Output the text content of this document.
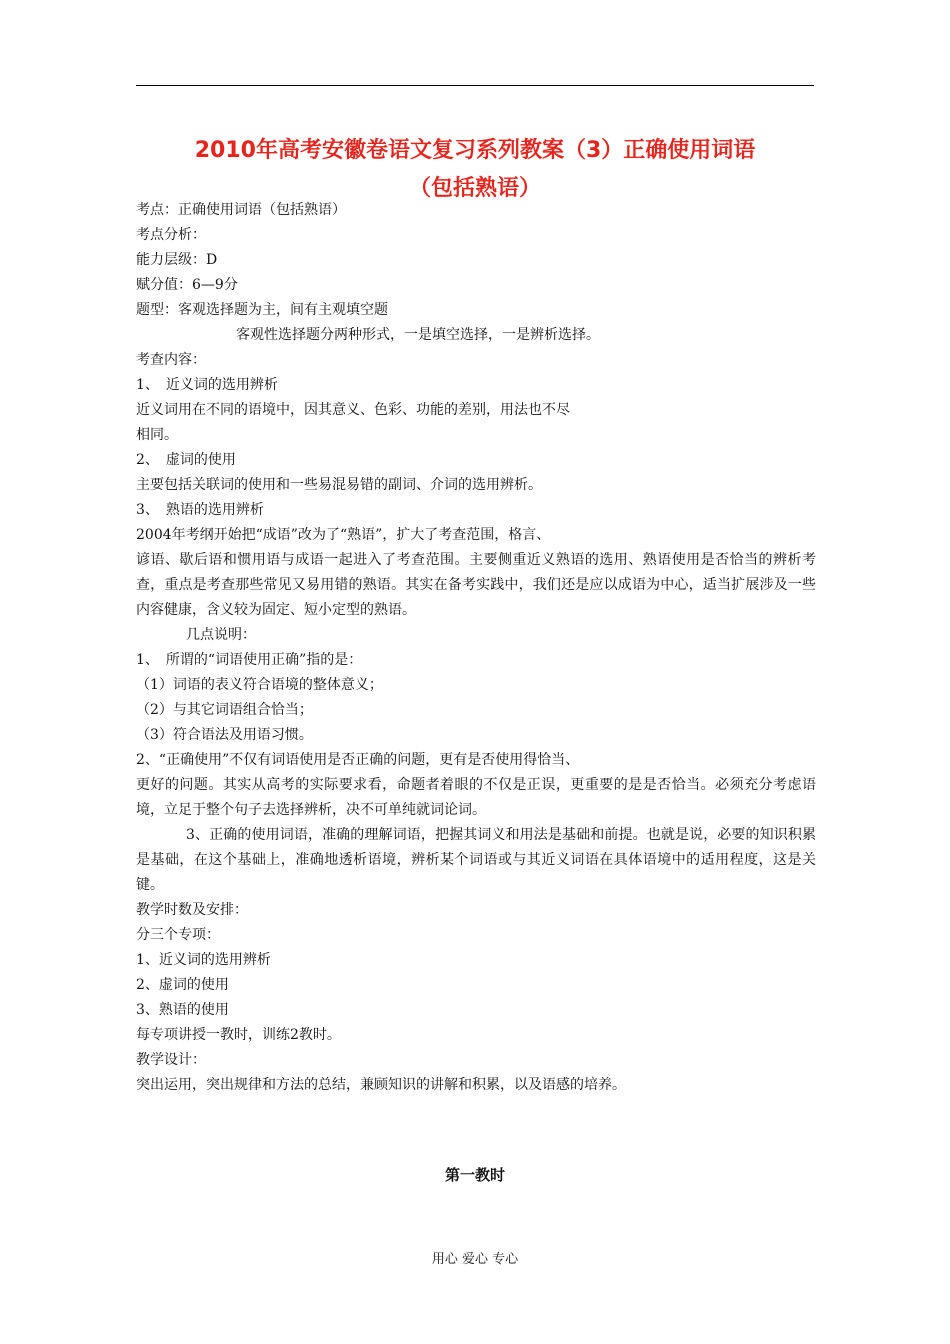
2010年高考安徽卷语文复习系列教案（3）正确使用词语
（包括熟语）

考点：正确使用词语（包括熟语）

考点分析：

能力层级：D

赋分值：6—9分

题型：客观选择题为主，间有主观填空题

客观性选择题分两种形式，一是填空选择，一是辨析选择。

考查内容：

1、　近义词的选用辨析

近义词用在不同的语境中，因其意义、色彩、功能的差别，用法也不尽

相同。

2、　虚词的使用

主要包括关联词的使用和一些易混易错的副词、介词的选用辨析。

3、　熟语的选用辨析

2004年考纲开始把“成语”改为了“熟语”，扩大了考查范围，格言、

谚语、歇后语和惯用语与成语一起进入了考查范围。主要侧重近义熟语的选用、熟语使用是否恰当的辨析考查，重点是考查那些常见又易用错的熟语。其实在备考实践中，我们还是应以成语为中心，适当扩展涉及一些内容健康，含义较为固定、短小定型的熟语。

几点说明：

1、　所谓的“词语使用正确”指的是：

（1）词语的表义符合语境的整体意义；

（2）与其它词语组合恰当；

（3）符合语法及用语习惯。

2、“正确使用”不仅有词语使用是否正确的问题，更有是否使用得恰当、

更好的问题。其实从高考的实际要求看，命题者着眼的不仅是正误，更重要的是是否恰当。必须充分考虑语境，立足于整个句子去选择辨析，决不可单纯就词论词。

3、正确的使用词语，准确的理解词语，把握其词义和用法是基础和前提。也就是说，必要的知识积累是基础，在这个基础上，准确地透析语境，辨析某个词语或与其近义词语在具体语境中的适用程度，这是关键。

教学时数及安排：

分三个专项：

1、近义词的选用辨析

2、虚词的使用

3、熟语的使用

每专项讲授一教时，训练2教时。

教学设计：

突出运用，突出规律和方法的总结，兼顾知识的讲解和积累，以及语感的培养。

第一教时
用心 爱心 专心
